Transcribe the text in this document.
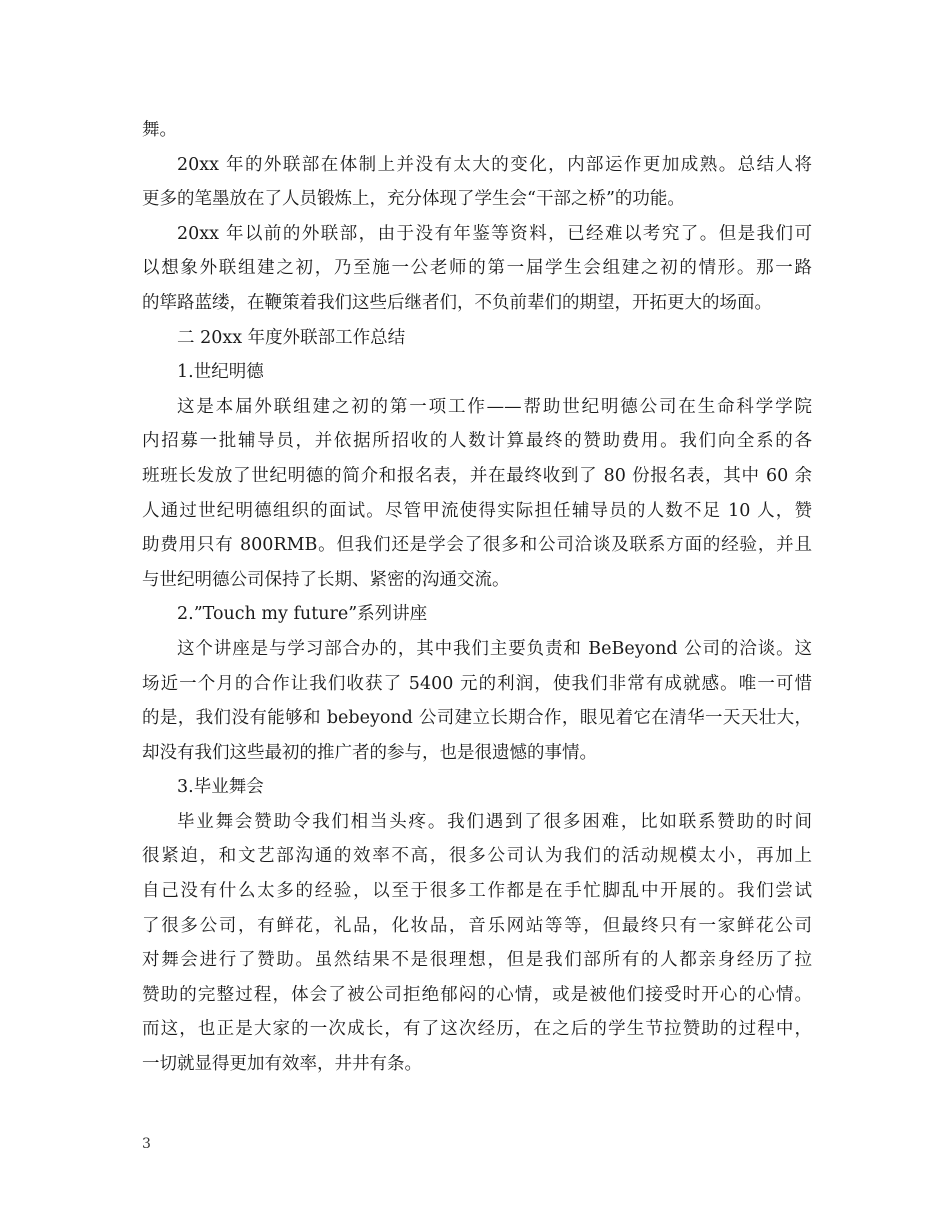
舞。
20xx 年的外联部在体制上并没有太大的变化，内部运作更加成熟。总结人将
更多的笔墨放在了人员锻炼上，充分体现了学生会“干部之桥”的功能。
20xx 年以前的外联部，由于没有年鉴等资料，已经难以考究了。但是我们可
以想象外联组建之初，乃至施一公老师的第一届学生会组建之初的情形。那一路
的筚路蓝缕，在鞭策着我们这些后继者们，不负前辈们的期望，开拓更大的场面。
二 20xx 年度外联部工作总结
1.世纪明德
这是本届外联组建之初的第一项工作——帮助世纪明德公司在生命科学学院
内招募一批辅导员，并依据所招收的人数计算最终的赞助费用。我们向全系的各
班班长发放了世纪明德的简介和报名表，并在最终收到了 80 份报名表，其中 60 余
人通过世纪明德组织的面试。尽管甲流使得实际担任辅导员的人数不足 10 人，赞
助费用只有 800RMB。但我们还是学会了很多和公司洽谈及联系方面的经验，并且
与世纪明德公司保持了长期、紧密的沟通交流。
2.”Touch my future”系列讲座
这个讲座是与学习部合办的，其中我们主要负责和 BeBeyond 公司的洽谈。这
场近一个月的合作让我们收获了 5400 元的利润，使我们非常有成就感。唯一可惜
的是，我们没有能够和 bebeyond 公司建立长期合作，眼见着它在清华一天天壮大，
却没有我们这些最初的推广者的参与，也是很遗憾的事情。
3.毕业舞会
毕业舞会赞助令我们相当头疼。我们遇到了很多困难，比如联系赞助的时间
很紧迫，和文艺部沟通的效率不高，很多公司认为我们的活动规模太小，再加上
自己没有什么太多的经验，以至于很多工作都是在手忙脚乱中开展的。我们尝试
了很多公司，有鲜花，礼品，化妆品，音乐网站等等，但最终只有一家鲜花公司
对舞会进行了赞助。虽然结果不是很理想，但是我们部所有的人都亲身经历了拉
赞助的完整过程，体会了被公司拒绝郁闷的心情，或是被他们接受时开心的心情。
而这，也正是大家的一次成长，有了这次经历，在之后的学生节拉赞助的过程中，
一切就显得更加有效率，井井有条。
3
